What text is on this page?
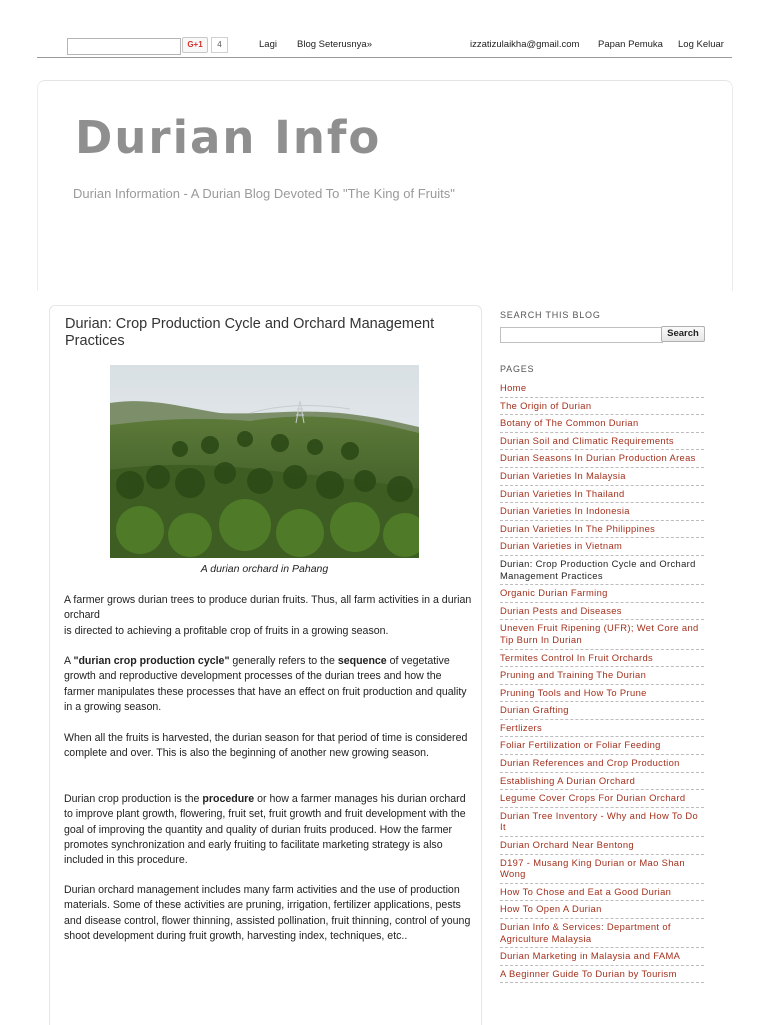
G+1	4	Lagi Blog Seterusnya»	izzatizulaikha@gmail.com Papan Pemuka Log Keluar
Durian Info
Durian Information - A Durian Blog Devoted To "The King of Fruits"
Durian: Crop Production Cycle and Orchard Management Practices
A durian orchard in Pahang

A farmer grows durian trees to produce durian fruits. Thus, all farm activities in a durian orchard
is directed to achieving a profitable crop of fruits in a growing season.

A "durian crop production cycle" generally refers to the sequence of vegetative growth and reproductive development processes of the durian trees and how the farmer manipulates these processes that have an effect on fruit production and quality in a growing season.

When all the fruits is harvested, the durian season for that period of time is considered complete and over. This is also the beginning of another new growing season.

Durian crop production is the procedure or how a farmer manages his durian orchard to improve plant growth, flowering, fruit set, fruit growth and fruit development with the goal of improving the quantity and quality of durian fruits produced. How the farmer promotes synchronization and early fruiting to facilitate marketing strategy is also included in this procedure.

Durian orchard management includes many farm activities and the use of production materials. Some of these activities are pruning, irrigation, fertilizer applications, pests and disease control, flower thinning, assisted pollination, fruit thinning, control of young shoot development during fruit growth, harvesting index, techniques, etc..

SEARCH THIS BLOG
Search
PAGES
Home
The Origin of Durian
Botany of The Common Durian
Durian Soil and Climatic Requirements
Durian Seasons In Durian Production Areas
Durian Varieties In Malaysia
Durian Varieties In Thailand
Durian Varieties In Indonesia
Durian Varieties In The Philippines
Durian Varieties in Vietnam
Durian: Crop Production Cycle and Orchard Management Practices
Organic Durian Farming
Durian Pests and Diseases
Uneven Fruit Ripening (UFR); Wet Core and Tip Burn In Durian
Termites Control In Fruit Orchards
Pruning and Training The Durian
Pruning Tools and How To Prune
Durian Grafting
Fertlizers
Foliar Fertilization or Foliar Feeding
Durian References and Crop Production
Establishing A Durian Orchard
Legume Cover Crops For Durian Orchard
Durian Tree Inventory - Why and How To Do It
Durian Orchard Near Bentong
D197 - Musang King Durian or Mao Shan Wong
How To Chose and Eat a Good Durian
How To Open A Durian
Durian Info & Services: Department of Agriculture Malaysia
Durian Marketing in Malaysia and FAMA
A Beginner Guide To Durian by Tourism
